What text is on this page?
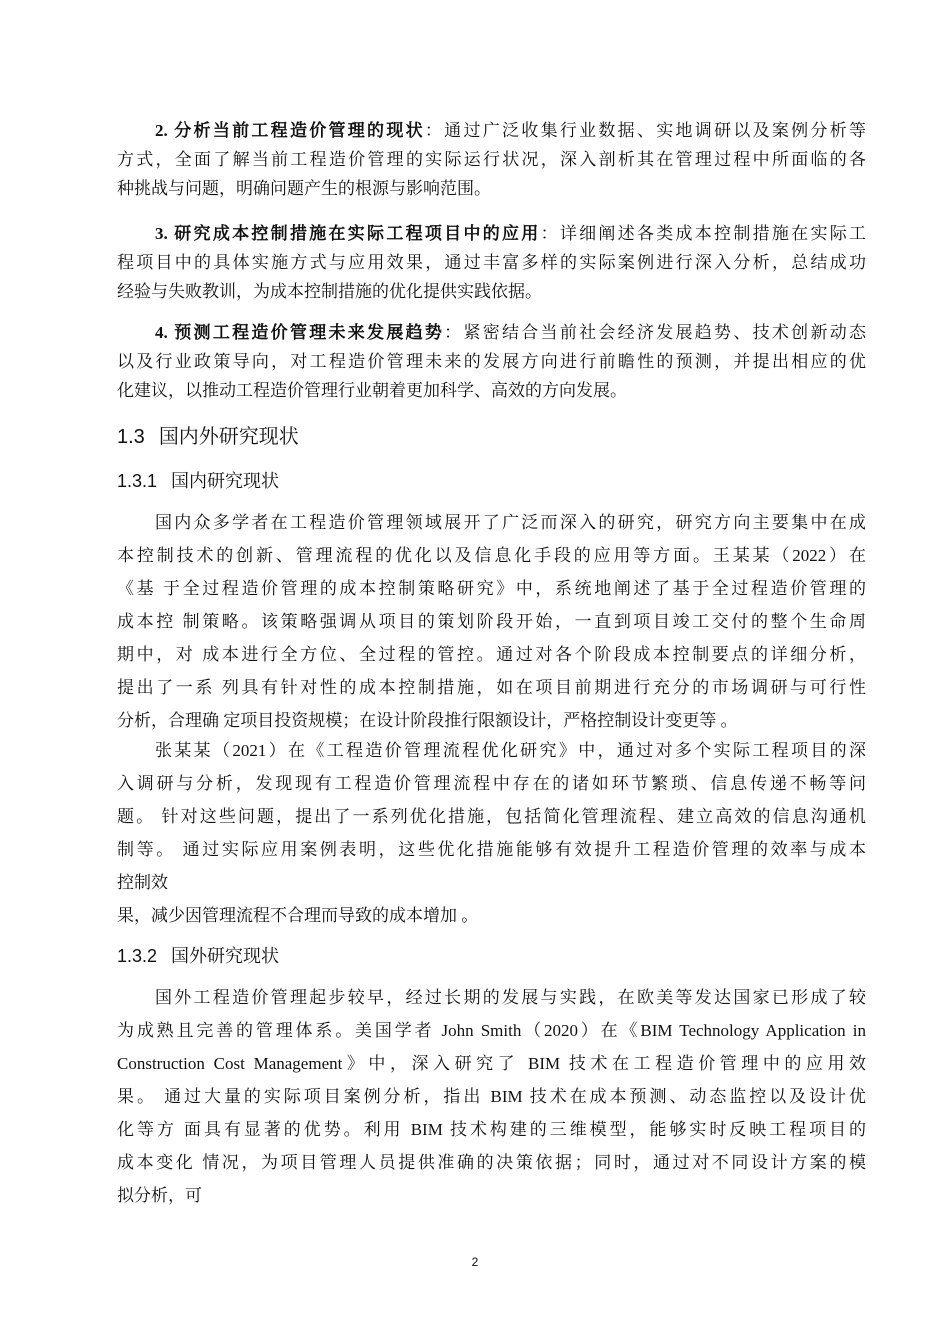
2. 分析当前工程造价管理的现状：通过广泛收集行业数据、实地调研以及案例分析等
方式，全面了解当前工程造价管理的实际运行状况，深入剖析其在管理过程中所面临的各
种挑战与问题，明确问题产生的根源与影响范围。
3. 研究成本控制措施在实际工程项目中的应用：详细阐述各类成本控制措施在实际工
程项目中的具体实施方式与应用效果，通过丰富多样的实际案例进行深入分析，总结成功
经验与失败教训，为成本控制措施的优化提供实践依据。
4. 预测工程造价管理未来发展趋势：紧密结合当前社会经济发展趋势、技术创新动态
以及行业政策导向，对工程造价管理未来的发展方向进行前瞻性的预测，并提出相应的优
化建议，以推动工程造价管理行业朝着更加科学、高效的方向发展。
1.3 国内外研究现状
1.3.1 国内研究现状
国内众多学者在工程造价管理领域展开了广泛而深入的研究，研究方向主要集中在成
本控制技术的创新、管理流程的优化以及信息化手段的应用等方面。王某某（2022）在
《基 于全过程造价管理的成本控制策略研究》中，系统地阐述了基于全过程造价管理的
成本控 制策略。该策略强调从项目的策划阶段开始，一直到项目竣工交付的整个生命周
期中，对 成本进行全方位、全过程的管控。通过对各个阶段成本控制要点的详细分析，
提出了一系 列具有针对性的成本控制措施，如在项目前期进行充分的市场调研与可行性
分析，合理确 定项目投资规模；在设计阶段推行限额设计，严格控制设计变更等 。
张某某（2021）在《工程造价管理流程优化研究》中，通过对多个实际工程项目的深
入调研与分析，发现现有工程造价管理流程中存在的诸如环节繁琐、信息传递不畅等问
题。 针对这些问题，提出了一系列优化措施，包括简化管理流程、建立高效的信息沟通机
制等。 通过实际应用案例表明，这些优化措施能够有效提升工程造价管理的效率与成本
控制效
果，减少因管理流程不合理而导致的成本增加 。
1.3.2 国外研究现状
国外工程造价管理起步较早，经过长期的发展与实践，在欧美等发达国家已形成了较
为成熟且完善的管理体系。美国学者 John Smith（2020）在《BIM Technology Application in
Construction Cost Management》中，深入研究了 BIM 技术在工程造价管理中的应用效
果。 通过大量的实际项目案例分析，指出 BIM 技术在成本预测、动态监控以及设计优
化等方 面具有显著的优势。利用 BIM 技术构建的三维模型，能够实时反映工程项目的
成本变化 情况，为项目管理人员提供准确的决策依据；同时，通过对不同设计方案的模
拟分析，可
2
